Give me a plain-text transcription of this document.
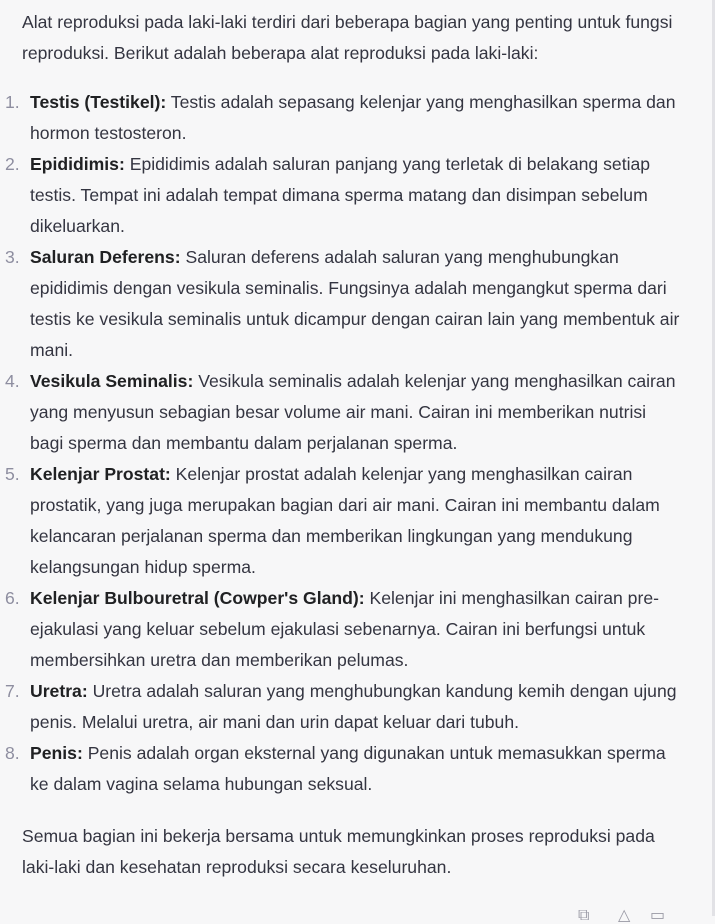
Alat reproduksi pada laki-laki terdiri dari beberapa bagian yang penting untuk fungsi reproduksi. Berikut adalah beberapa alat reproduksi pada laki-laki:

1. Testis (Testikel): Testis adalah sepasang kelenjar yang menghasilkan sperma dan hormon testosteron.
2. Epididimis: Epididimis adalah saluran panjang yang terletak di belakang setiap testis. Tempat ini adalah tempat dimana sperma matang dan disimpan sebelum dikeluarkan.
3. Saluran Deferens: Saluran deferens adalah saluran yang menghubungkan epididimis dengan vesikula seminalis. Fungsinya adalah mengangkut sperma dari testis ke vesikula seminalis untuk dicampur dengan cairan lain yang membentuk air mani.
4. Vesikula Seminalis: Vesikula seminalis adalah kelenjar yang menghasilkan cairan yang menyusun sebagian besar volume air mani. Cairan ini memberikan nutrisi bagi sperma dan membantu dalam perjalanan sperma.
5. Kelenjar Prostat: Kelenjar prostat adalah kelenjar yang menghasilkan cairan prostatik, yang juga merupakan bagian dari air mani. Cairan ini membantu dalam kelancaran perjalanan sperma dan memberikan lingkungan yang mendukung kelangsungan hidup sperma.
6. Kelenjar Bulbouretral (Cowper's Gland): Kelenjar ini menghasilkan cairan pre-ejakulasi yang keluar sebelum ejakulasi sebenarnya. Cairan ini berfungsi untuk membersihkan uretra dan memberikan pelumas.
7. Uretra: Uretra adalah saluran yang menghubungkan kandung kemih dengan ujung penis. Melalui uretra, air mani dan urin dapat keluar dari tubuh.
8. Penis: Penis adalah organ eksternal yang digunakan untuk memasukkan sperma ke dalam vagina selama hubungan seksual.

Semua bagian ini bekerja bersama untuk memungkinkan proses reproduksi pada laki-laki dan kesehatan reproduksi secara keseluruhan.

⧉ △ ▭
